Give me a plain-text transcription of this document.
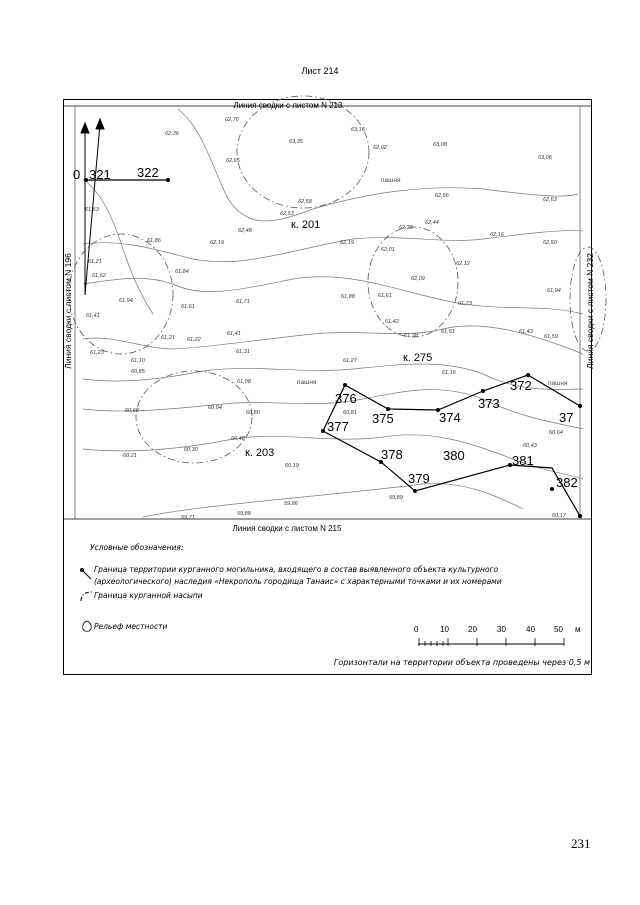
Лист 214
Линия сводки с листом N 213
Линия сводки с листом N 215
к. 201
к. 275
к. 203
пашня
пашня	пашня
0 321 322
376
377
375	374
373
372
37
378	380	381
382
379
62,76
62,36
63,35
63,16
62,92	63,08
63,06
62,65
62,58
62,53
62,66
62,63
61,63
62,48
62,19
62,33
62,44
62,16
62,50
61,86	62,19
62,01
61,21
62,09
62,12
61,52
61,84
61,94
61,61
61,71
61,88	61,61
61,73
61,41
61,94
61,42
61,38
61,51	61,43
61,59
61,23
61,21 61,22
61,41
61,31
61,10	61,27
60,85	61,16
61,08
60,68	60,94
60,80	60,81
60,64
60,48
60,43
60,21
60,30
60,19
59,71
59,88
59,86
59,89
60,17
Линия сводки с листом N 196	Линия сводки с листом N 232
Условные обозначения:
Граница территории курганного могильника, входящего в состав выявленного объекта культурного
(археологического) наследия «Некрополь городища Танаис» с характерными точками и их номерами
Граница курганной насыпи
Рельеф местности	0	10 20	30	40 50 м
Горизонтали на территории объекта проведены через 0,5 м
231
